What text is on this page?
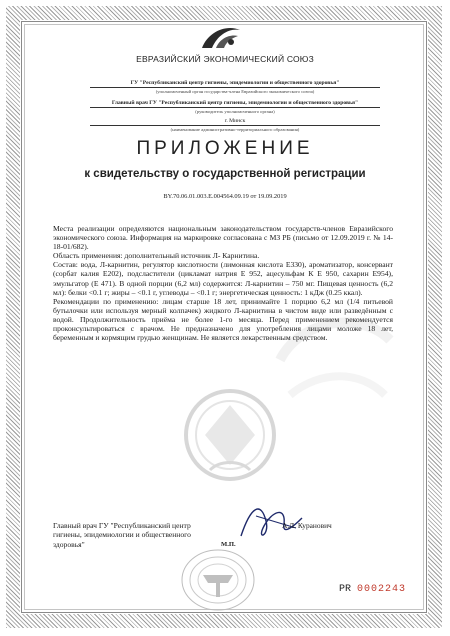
ЕВРАЗИЙСКИЙ ЭКОНОМИЧЕСКИЙ СОЮЗ
ГУ "Республиканский центр гигиены, эпидемиологии и общественного здоровья"
(уполномоченный орган государства-члена Евразийского экономического союза)
Главный врач ГУ "Республиканский центр гигиены, эпидемиологии и общественного здоровья"
(руководитель уполномоченного органа)
г. Минск
(наименование административно-территориального образования)
ПРИЛОЖЕНИЕ
к свидетельству о государственной регистрации
BY.70.06.01.003.E.004564.09.19 от 19.09.2019

Места реализации определяются национальным законодательством государств-членов Евразийского экономического союза. Информация на маркировке согласована с МЗ РБ (письмо от 12.09.2019 г. № 14-18-01/682).

Область применения: дополнительный источник Л- Карнитина.

Состав: вода, Л-карнитин, регулятор кислотности (лимонная кислота Е330), ароматизатор, консервант (сорбат калия Е202), подсластители (цикламат натрия Е 952, ацесульфам К Е 950, сахарин Е954), эмульгатор (Е 471). В одной порции (6,2 мл) содержится: Л-карнитин – 750 мг. Пищевая ценность (6,2 мл): белки <0.1 г; жиры – <0.1 г, углеводы – <0.1 г; энергетическая ценность: 1 кДж (0.25 ккал).

Рекомендации по применению: лицам старше 18 лет, принимайте 1 порцию 6,2 мл (1/4 питьевой бутылочки или используя мерный колпачек) жидкого Л-карнитина в чистом виде или разведённым с водой. Продолжительность приёма не более 1-го месяца. Перед применением рекомендуется проконсультироваться с врачом. Не предназначено для употребления лицами моложе 18 лет, беременным и кормящим грудью женщинам. Не является лекарственным средством.

Главный врач ГУ "Республиканский центр гигиены, эпидемиологии и общественного здоровья"
А.Л. Куранович
М.П.
PR 0002243
